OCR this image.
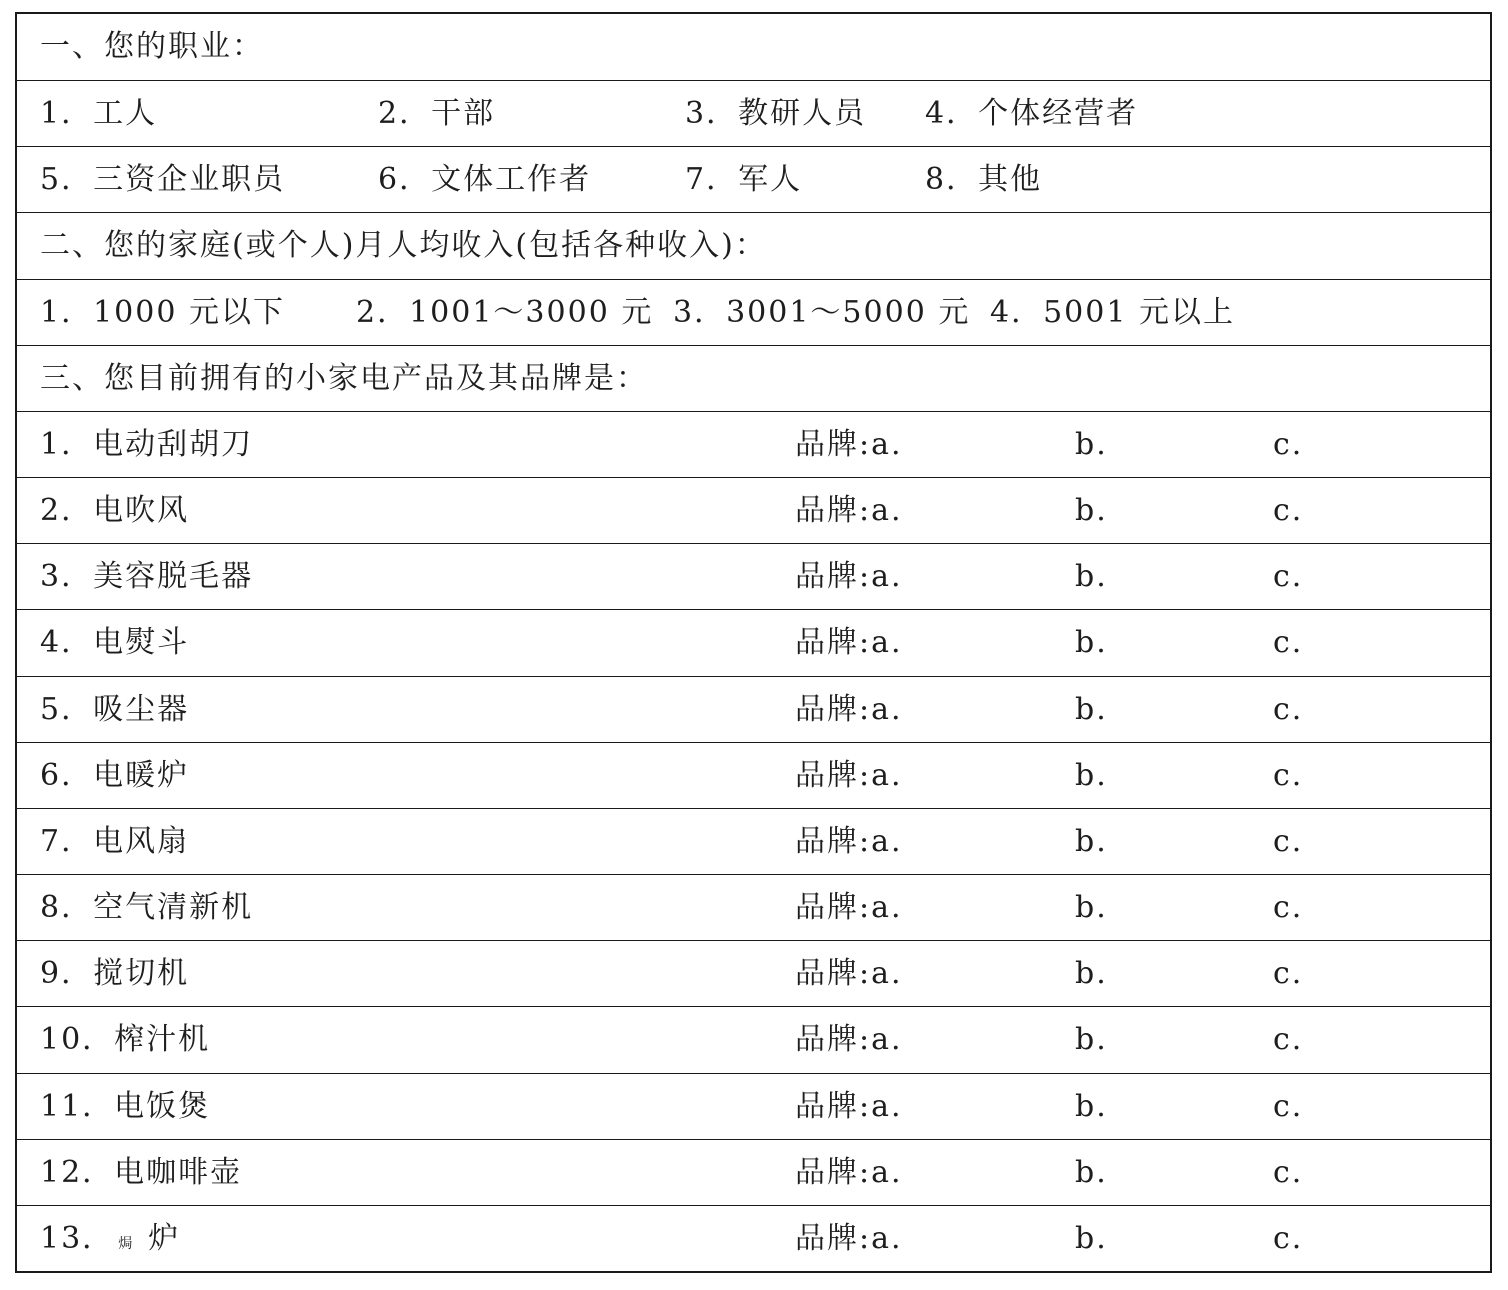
一、您的职业：
1．工人	2．干部	3．教研人员 4．个体经营者
5．三资企业职员	6．文体工作者	7．军人	8．其他
二、您的家庭(或个人)月人均收入(包括各种收入)：
1．1000 元以下 2．1001～3000 元 3．3001～5000 元 4．5001 元以上
三、您目前拥有的小家电产品及其品牌是：
1．电动刮胡刀	品牌:a.	b.	c.
2．电吹风	品牌:a.	b.	c.
3．美容脱毛器	品牌:a.	b.	c.
4．电熨斗	品牌:a.	b.	c.
5．吸尘器	品牌:a.	b.	c.
6．电暖炉	品牌:a.	b.	c.
7．电风扇	品牌:a.	b.	c.
8．空气清新机	品牌:a.	b.	c.
9．搅切机	品牌:a.	b.	c.
10．榨汁机	品牌:a.	b.	c.
11．电饭煲	品牌:a.	b.	c.
12．电咖啡壶	品牌:a.	b.	c.
13． 焗 炉	品牌:a.	b.	c.
